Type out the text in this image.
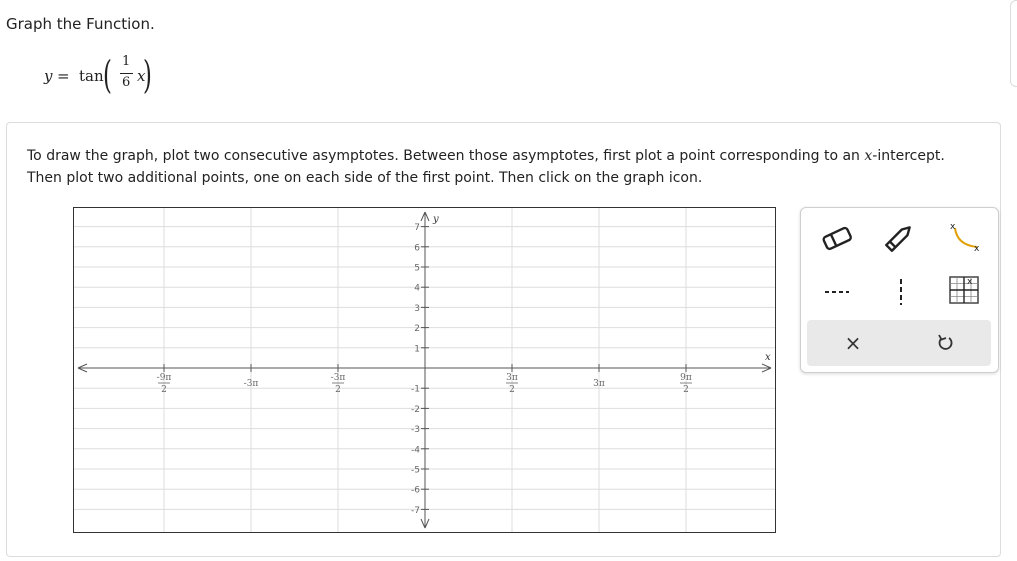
Graph the Function.
y = tan ( 1
6 x
)
To draw the graph, plot two consecutive asymptotes. Between those asymptotes, first plot a point corresponding to an x-intercept. Then plot two additional points, one on each side of the first point. Then click on the graph icon.
x
y
-7
-6
-5
-4
-3
-2
-1
1
2
3
4
5
6
7
-9π
2
-3π
-3π
2
3π
2
3π
9π
2
x
x
x
×
